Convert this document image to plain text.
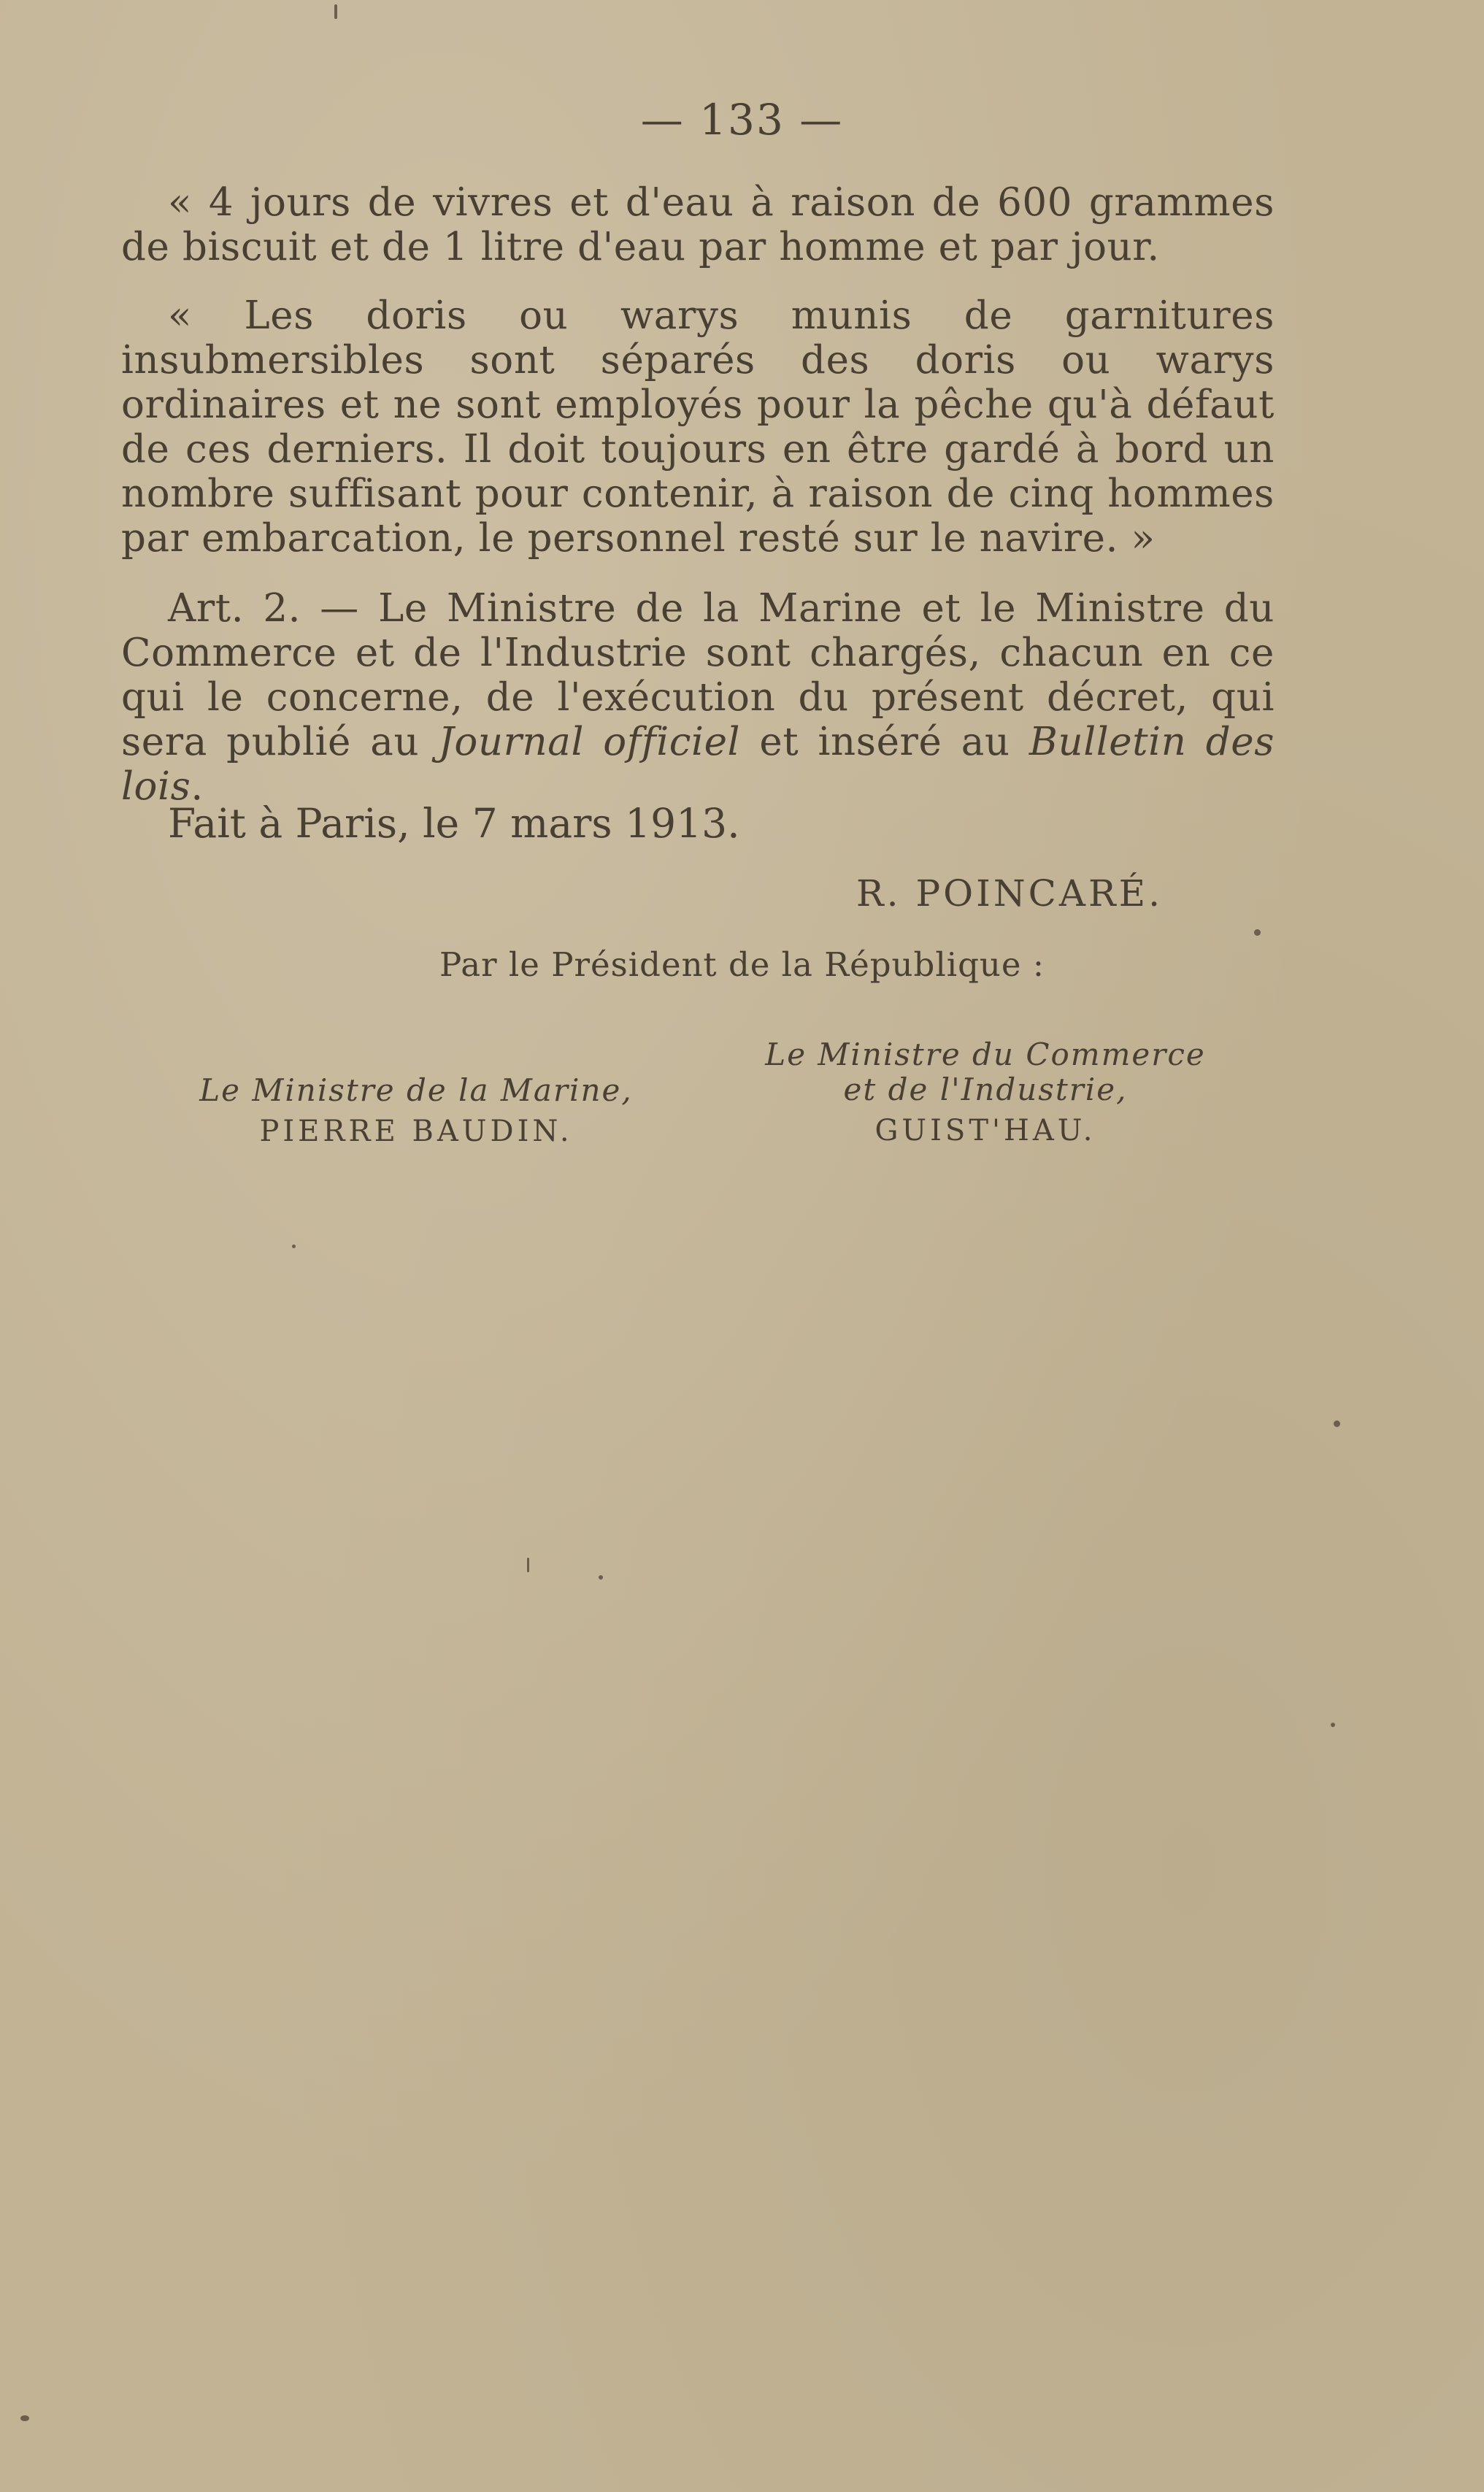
— 133 —

« 4 jours de vivres et d'eau à raison de 600 grammes de biscuit et de 1 litre d'eau par homme et par jour.

« Les doris ou warys munis de garnitures insubmersibles sont séparés des doris ou warys ordinaires et ne sont employés pour la pêche qu'à défaut de ces derniers. Il doit toujours en être gardé à bord un nombre suffisant pour contenir, à raison de cinq hommes par embarcation, le personnel resté sur le navire. »

Art. 2. — Le Ministre de la Marine et le Ministre du Commerce et de l'Industrie sont chargés, chacun en ce qui le concerne, de l'exécution du présent décret, qui sera publié au Journal officiel et inséré au Bulletin des lois.

Fait à Paris, le 7 mars 1913.
R. POINCARÉ.
Par le Président de la République :
Le Ministre de la Marine,
PIERRE BAUDIN.
Le Ministre du Commerce
et de l'Industrie,
GUIST'HAU.
